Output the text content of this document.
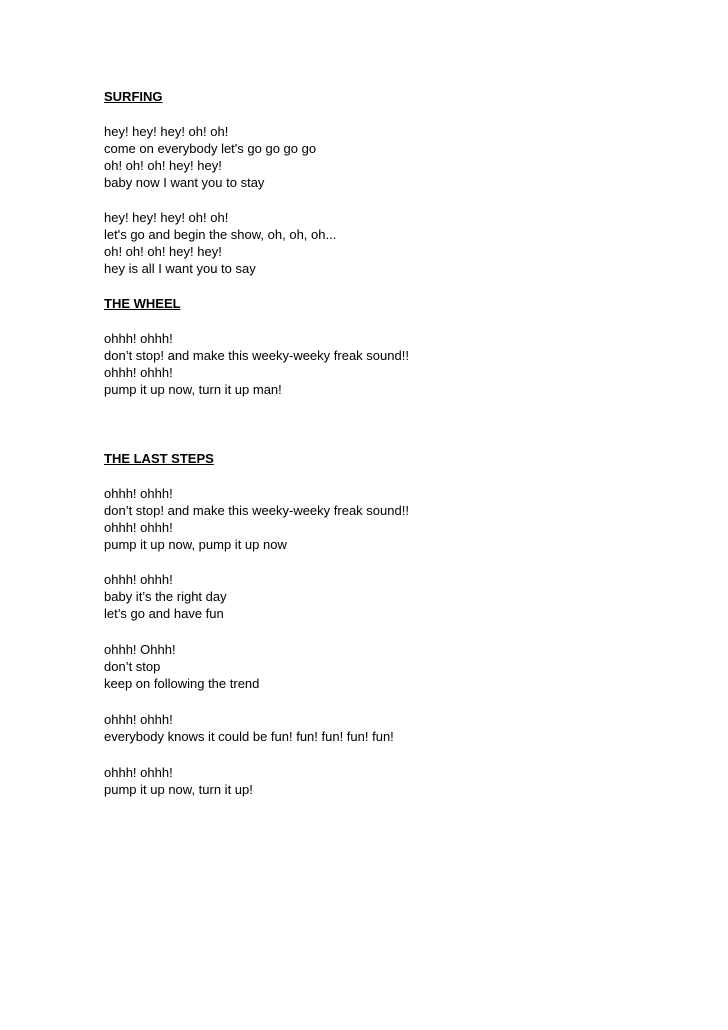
SURFING
hey! hey! hey! oh! oh!
come on everybody let's go go go go
oh! oh! oh! hey! hey!
baby now I want you to stay
hey! hey! hey! oh! oh!
let's go and begin the show, oh, oh, oh...
oh! oh! oh! hey! hey!
hey is all I want you to say
THE WHEEL
ohhh! ohhh!
don’t stop! and make this weeky-weeky freak sound!!
ohhh! ohhh!
pump it up now, turn it up man!
THE LAST STEPS
ohhh! ohhh!
don’t stop! and make this weeky-weeky freak sound!!
ohhh! ohhh!
pump it up now, pump it up now
ohhh! ohhh!
baby it’s the right day
let’s go and have fun
ohhh! Ohhh!
don’t stop
keep on following the trend
ohhh! ohhh!
everybody knows it could be fun! fun! fun! fun! fun!
ohhh! ohhh!
pump it up now, turn it up!
